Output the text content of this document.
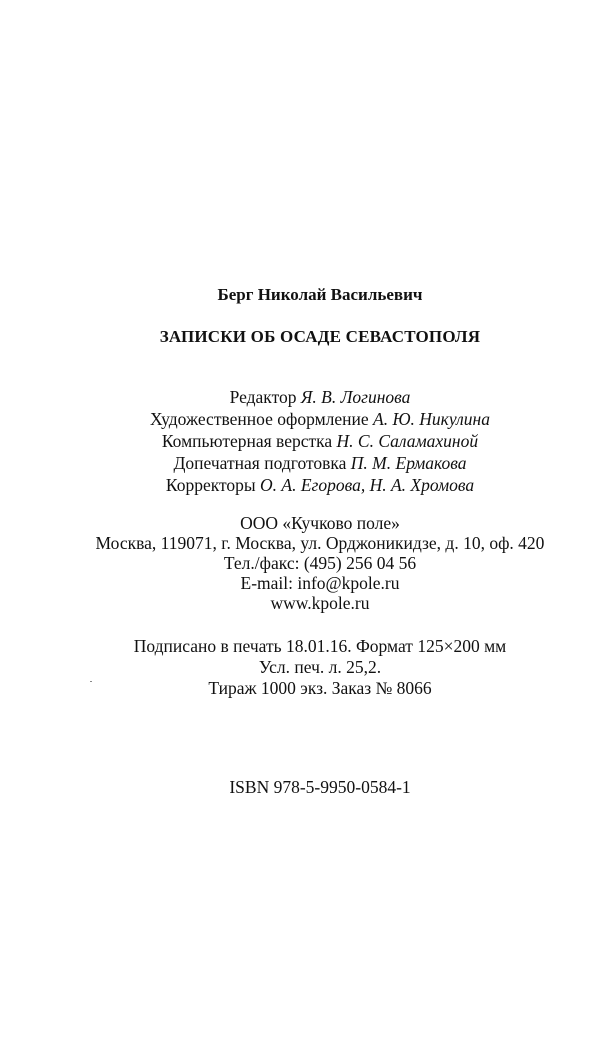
Берг Николай Васильевич
ЗАПИСКИ ОБ ОСАДЕ СЕВАСТОПОЛЯ
Редактор Я. В. Логинова
Художественное оформление А. Ю. Никулина
Компьютерная верстка Н. С. Саламахиной
Допечатная подготовка П. М. Ермакова
Корректоры О. А. Егорова, Н. А. Хромова
ООО «Кучково поле»
Москва, 119071, г. Москва, ул. Орджоникидзе, д. 10, оф. 420
Тел./факс: (495) 256 04 56
E-mail: info@kpole.ru
www.kpole.ru
Подписано в печать 18.01.16. Формат 125×200 мм
Усл. печ. л. 25,2.
Тираж 1000 экз. Заказ № 8066
ISBN 978-5-9950-0584-1
